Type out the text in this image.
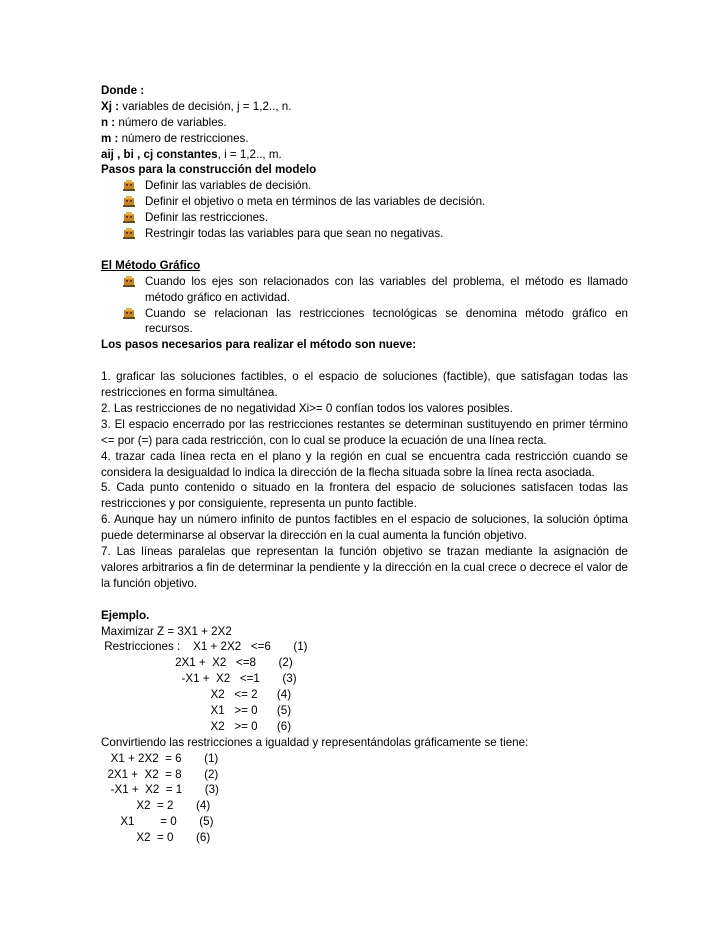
Donde :
Xj : variables de decisión, j = 1,2.., n.
n : número de variables.
m : número de restricciones.
aij , bi , cj constantes, i = 1,2.., m.
Pasos para la construcción del modelo
Definir las variables de decisión.
Definir el objetivo o meta en términos de las variables de decisión.
Definir las restricciones.
Restringir todas las variables para que sean no negativas.
El Método Gráfico
Cuando los ejes son relacionados con las variables del problema, el método es llamado método gráfico en actividad.
Cuando se relacionan las restricciones tecnológicas se denomina método gráfico en recursos.
Los pasos necesarios para realizar el método son nueve:
1. graficar las soluciones factibles, o el espacio de soluciones (factible), que satisfagan todas las restricciones en forma simultánea.
2. Las restricciones de no negatividad Xi>= 0 confían todos los valores posibles.
3. El espacio encerrado por las restricciones restantes se determinan sustituyendo en primer término <= por (=) para cada restricción, con lo cual se produce la ecuación de una línea recta.
4. trazar cada línea recta en el plano y la región en cual se encuentra cada restricción cuando se considera la desigualdad lo indica la dirección de la flecha situada sobre la línea recta asociada.
5. Cada punto contenido o situado en la frontera del espacio de soluciones satisfacen todas las restricciones y por consiguiente, representa un punto factible.
6. Aunque hay un número infinito de puntos factibles en el espacio de soluciones, la solución óptima puede determinarse al observar la dirección en la cual aumenta la función objetivo.
7. Las líneas paralelas que representan la función objetivo se trazan mediante la asignación de valores arbitrarios a fin de determinar la pendiente y la dirección en la cual crece o decrece el valor de la función objetivo.
Ejemplo.
Maximizar Z = 3X1 + 2X2
Restricciones :    X1 + 2X2   <=6       (1)
2X1 +  X2   <=8       (2)
-X1 +  X2   <=1       (3)
X2   <= 2      (4)
X1   >= 0      (5)
X2   >= 0      (6)
Convirtiendo las restricciones a igualdad y representándolas gráficamente se tiene:
X1 + 2X2  = 6       (1)
2X1 +  X2  = 8       (2)
-X1 +  X2  = 1       (3)
X2  = 2       (4)
X1        = 0       (5)
X2  = 0       (6)
